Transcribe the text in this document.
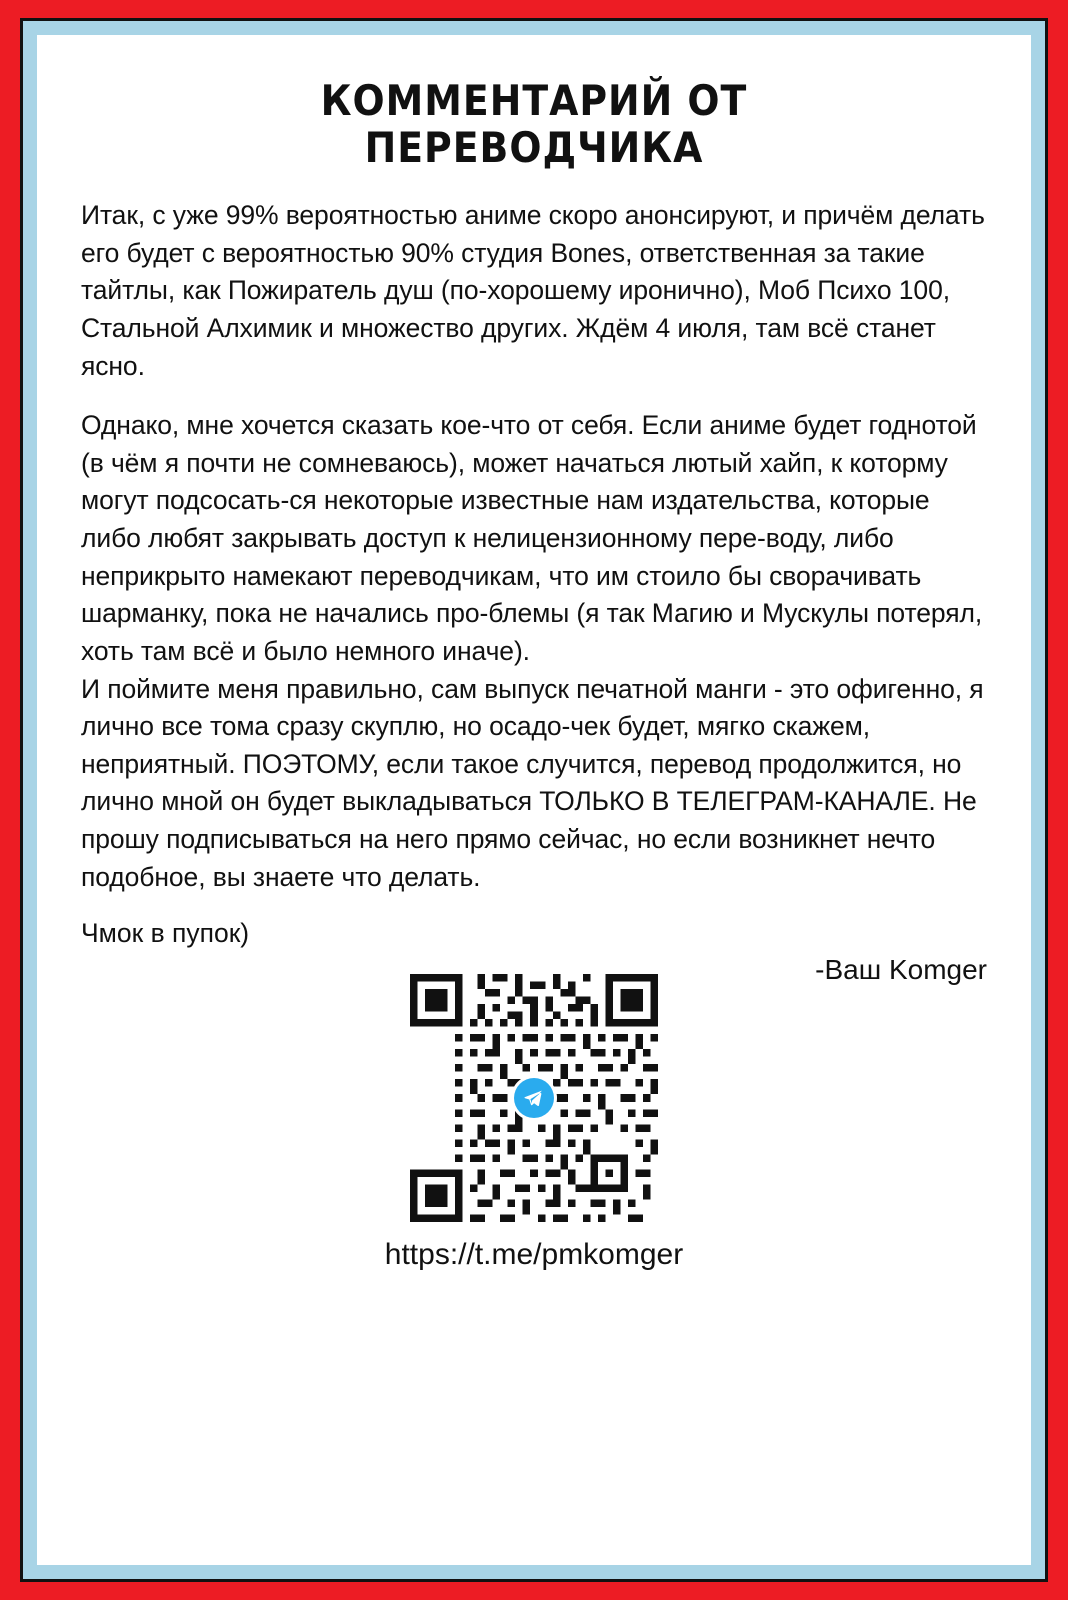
КОММЕНТАРИЙ ОТ
ПЕРЕВОДЧИКА

Итак, с уже 99% вероятностью аниме скоро анонсируют, и причём делать его будет с вероятностью 90% студия Bones, ответственная за такие тайтлы, как Пожиратель душ (по-хорошему иронично), Моб Психо 100, Стальной Алхимик и множество других. Ждём 4 июля, там всё станет ясно.

Однако, мне хочется сказать кое-что от себя. Если аниме будет годнотой (в чём я почти не сомневаюсь), может начаться лютый хайп, к которму могут подсосать-ся некоторые известные нам издательства, которые либо любят закрывать доступ к нелицензионному пере-воду, либо неприкрыто намекают переводчикам, что им стоило бы сворачивать шарманку, пока не начались про-блемы (я так Магию и Мускулы потерял, хоть там всё и было немного иначе).

И поймите меня правильно, сам выпуск печатной манги - это офигенно, я лично все тома сразу скуплю, но осадо-чек будет, мягко скажем, неприятный. ПОЭТОМУ, если такое случится, перевод продолжится, но лично мной он будет выкладываться ТОЛЬКО В ТЕЛЕГРАМ-КАНАЛЕ. Не прошу подписываться на него прямо сейчас, но если возникнет нечто подобное, вы знаете что делать.

Чмок в пупок)
-Ваш Komger
https://t.me/pmkomger
